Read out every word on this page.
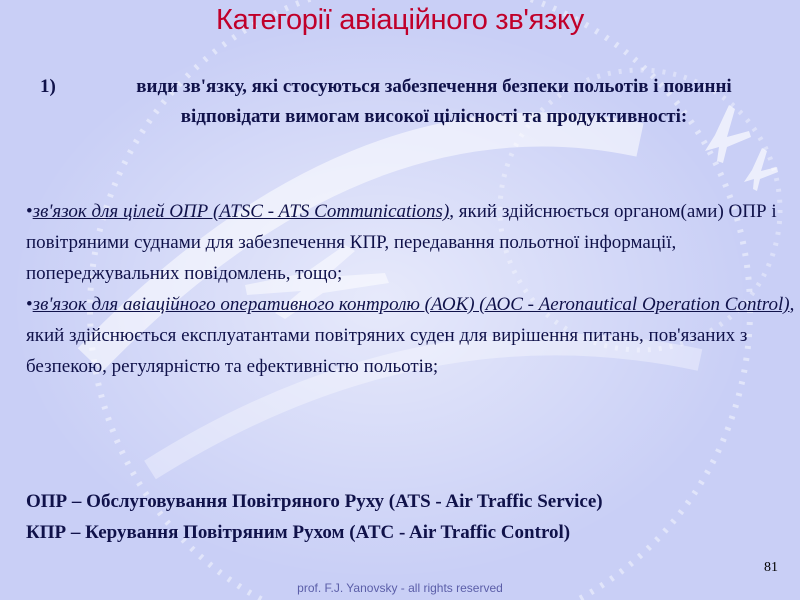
Категорії авіаційного зв'язку
1)	види зв'язку, які стосуються забезпечення безпеки польотів і повинні відповідати вимогам високої цілісності та продуктивності:

•зв'язок для цілей ОПР (ATSC - ATS Communications), який здійснюється органом(ами) ОПР і повітряними суднами для забезпечення КПР, передавання польотної інформації, попереджувальних повідомлень, тощо;

•зв'язок для авіаційного оперативного контролю (АОК) (АОС - Aeronautical Operation Control), який здійснюється експлуатантами повітряних суден для вирішення питань, пов'язаних з безпекою, регулярністю та ефективністю польотів;

ОПР – Обслуговування Повітряного Руху (ATS - Air Traffic Service)
КПР – Керування Повітряним Рухом (ATC - Air Traffic Control)
81
prof. F.J. Yanovsky - all rights reserved
